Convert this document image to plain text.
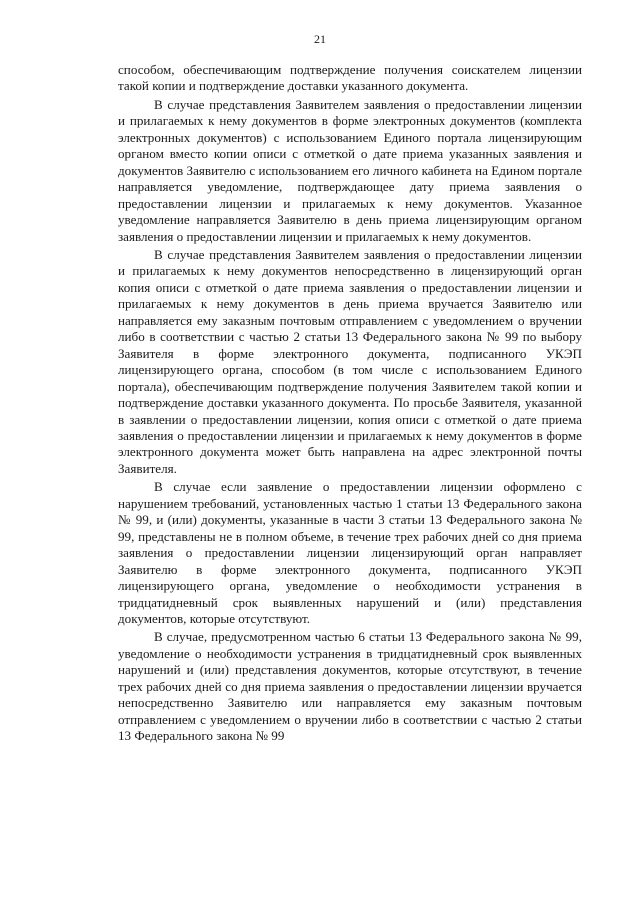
21

способом, обеспечивающим подтверждение получения соискателем лицензии такой копии и подтверждение доставки указанного документа.

В случае представления Заявителем заявления о предоставлении лицензии и прилагаемых к нему документов в форме электронных документов (комплекта электронных документов) с использованием Единого портала лицензирующим органом вместо копии описи с отметкой о дате приема указанных заявления и документов Заявителю с использованием его личного кабинета на Едином портале направляется уведомление, подтверждающее дату приема заявления о предоставлении лицензии и прилагаемых к нему документов. Указанное уведомление направляется Заявителю в день приема лицензирующим органом заявления о предоставлении лицензии и прилагаемых к нему документов.

В случае представления Заявителем заявления о предоставлении лицензии и прилагаемых к нему документов непосредственно в лицензирующий орган копия описи с отметкой о дате приема заявления о предоставлении лицензии и прилагаемых к нему документов в день приема вручается Заявителю или направляется ему заказным почтовым отправлением с уведомлением о вручении либо в соответствии с частью 2 статьи 13 Федерального закона № 99 по выбору Заявителя в форме электронного документа, подписанного УКЭП лицензирующего органа, способом (в том числе с использованием Единого портала), обеспечивающим подтверждение получения Заявителем такой копии и подтверждение доставки указанного документа. По просьбе Заявителя, указанной в заявлении о предоставлении лицензии, копия описи с отметкой о дате приема заявления о предоставлении лицензии и прилагаемых к нему документов в форме электронного документа может быть направлена на адрес электронной почты Заявителя.

В случае если заявление о предоставлении лицензии оформлено с нарушением требований, установленных частью 1 статьи 13 Федерального закона № 99, и (или) документы, указанные в части 3 статьи 13 Федерального закона № 99, представлены не в полном объеме, в течение трех рабочих дней со дня приема заявления о предоставлении лицензии лицензирующий орган направляет Заявителю в форме электронного документа, подписанного УКЭП лицензирующего органа, уведомление о необходимости устранения в тридцатидневный срок выявленных нарушений и (или) представления документов, которые отсутствуют.

В случае, предусмотренном частью 6 статьи 13 Федерального закона № 99, уведомление о необходимости устранения в тридцатидневный срок выявленных нарушений и (или) представления документов, которые отсутствуют, в течение трех рабочих дней со дня приема заявления о предоставлении лицензии вручается непосредственно Заявителю или направляется ему заказным почтовым отправлением с уведомлением о вручении либо в соответствии с частью 2 статьи 13 Федерального закона № 99
